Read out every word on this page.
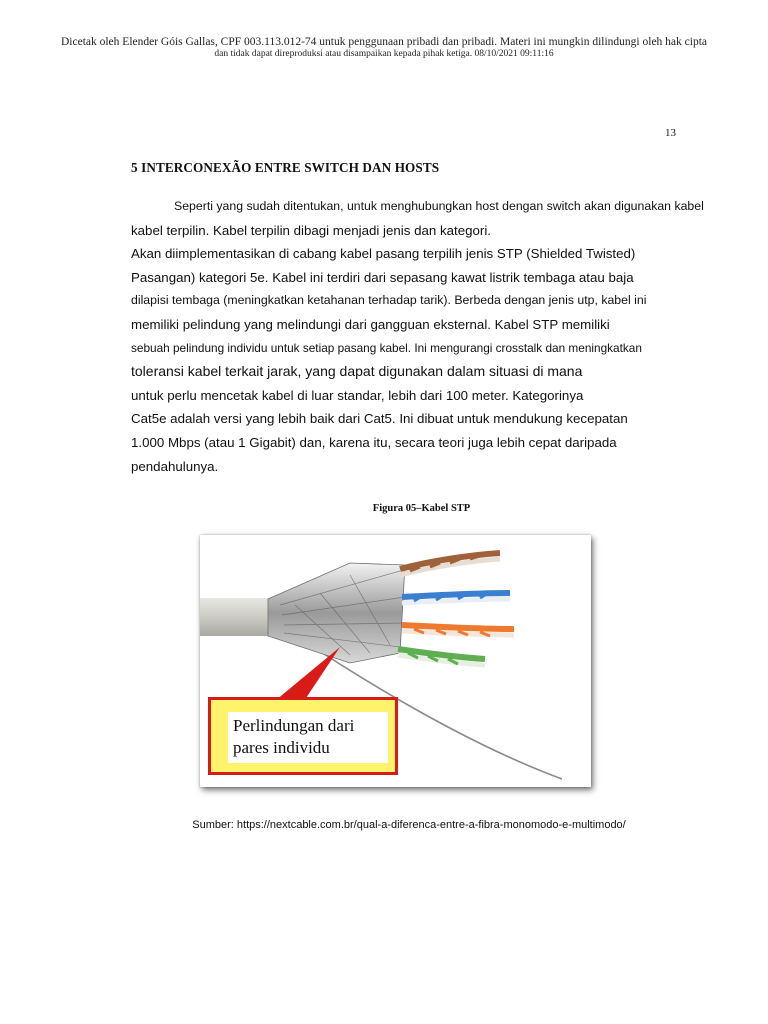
Dicetak oleh Elender Góis Gallas, CPF 003.113.012-74 untuk penggunaan pribadi dan pribadi. Materi ini mungkin dilindungi oleh hak cipta
dan tidak dapat direproduksi atau disampaikan kepada pihak ketiga. 08/10/2021 09:11:16
13
5 INTERCONEXÃO ENTRE SWITCH DAN HOSTS
Seperti yang sudah ditentukan, untuk menghubungkan host dengan switch akan digunakan kabel
kabel terpilin. Kabel terpilin dibagi menjadi jenis dan kategori.
Akan diimplementasikan di cabang kabel pasang terpilih jenis STP (Shielded Twisted)
Pasangan) kategori 5e. Kabel ini terdiri dari sepasang kawat listrik tembaga atau baja
dilapisi tembaga (meningkatkan ketahanan terhadap tarik). Berbeda dengan jenis utp, kabel ini
memiliki pelindung yang melindungi dari gangguan eksternal. Kabel STP memiliki
sebuah pelindung individu untuk setiap pasang kabel. Ini mengurangi crosstalk dan meningkatkan
toleransi kabel terkait jarak, yang dapat digunakan dalam situasi di mana
untuk perlu mencetak kabel di luar standar, lebih dari 100 meter. Kategorinya
Cat5e adalah versi yang lebih baik dari Cat5. Ini dibuat untuk mendukung kecepatan
1.000 Mbps (atau 1 Gigabit) dan, karena itu, secara teori juga lebih cepat daripada
pendahulunya.
Figura 05–Kabel STP
Perlindungan dari
pares individu
Sumber: https://nextcable.com.br/qual-a-diferenca-entre-a-fibra-monomodo-e-multimodo/
